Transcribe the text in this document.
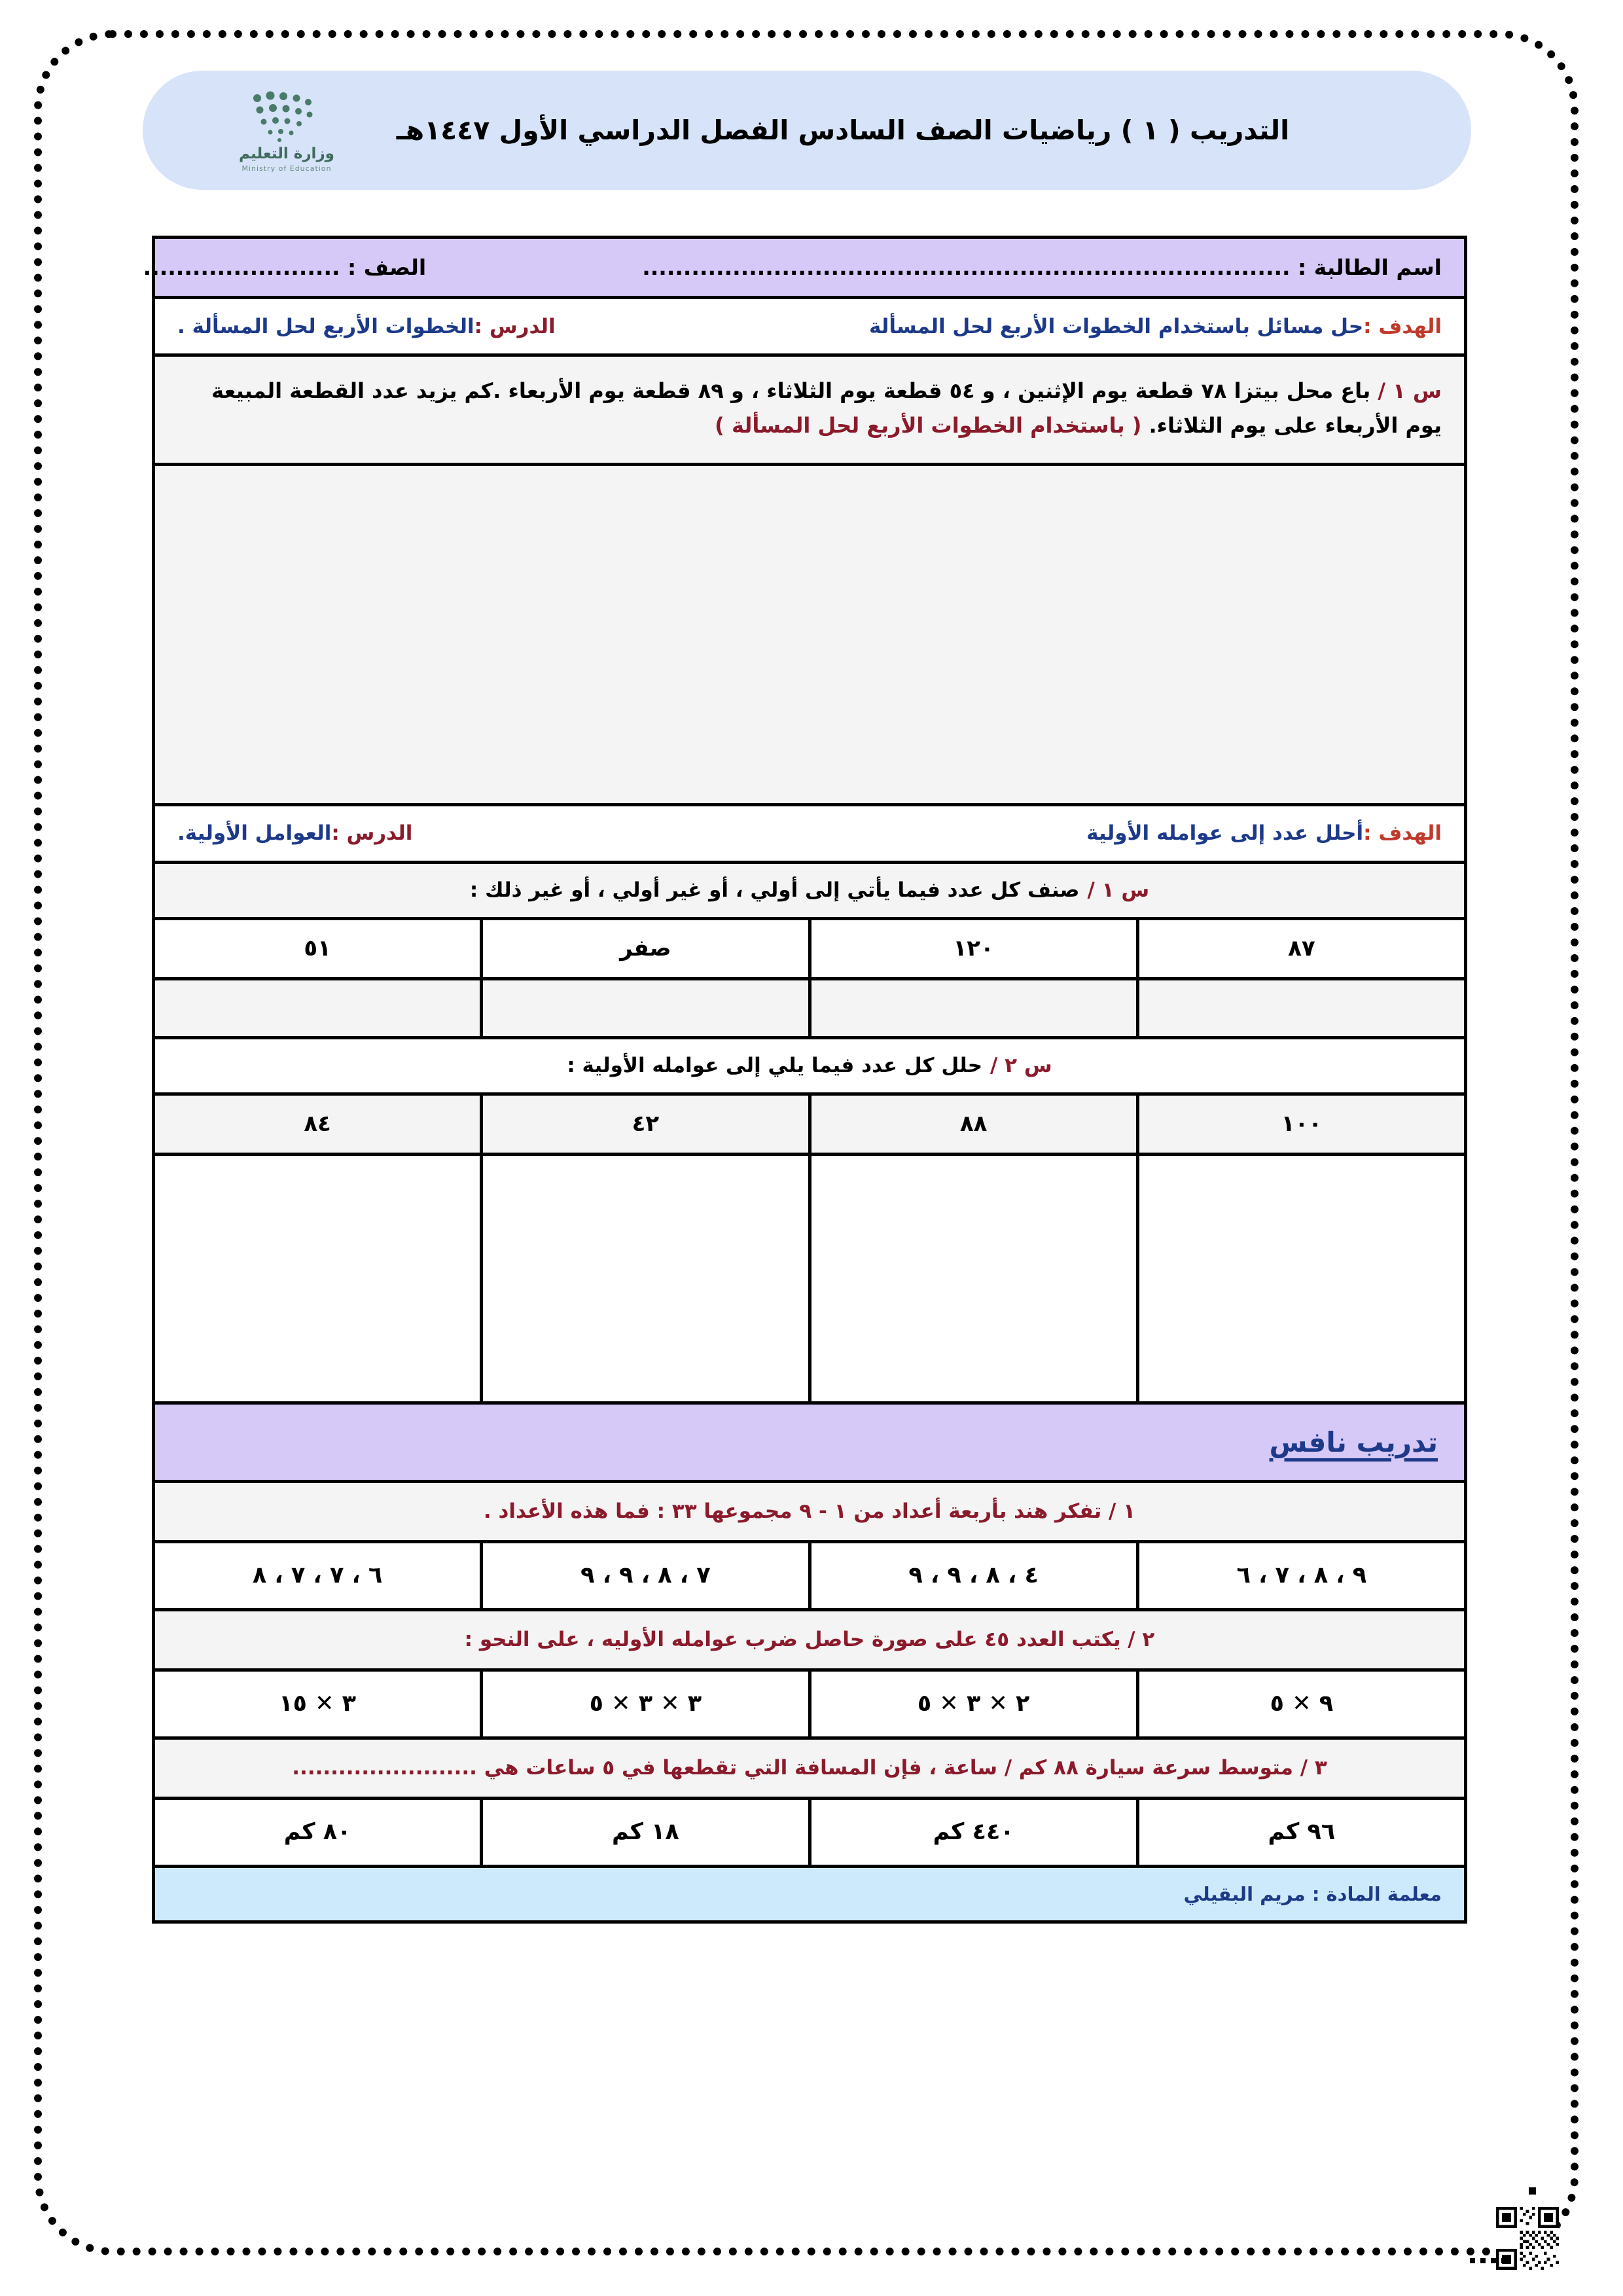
التدريب ( ١ ) رياضيات الصف السادس الفصل الدراسي الأول ١٤٤٧هـ
وزارة التعليم
Ministry of Education
اسم الطالبة : ...............................................................................
الصف : ........................
الهدف :
حل مسائل باستخدام الخطوات الأربع لحل المسألة
الدرس :
الخطوات الأربع لحل المسألة .
س ١ / باع محل بيتزا ٧٨ قطعة يوم الإثنين ، و ٥٤ قطعة يوم الثلاثاء ، و ٨٩ قطعة يوم الأربعاء .كم يزيد عدد القطعة المبيعة يوم الأربعاء على يوم الثلاثاء. ( باستخدام الخطوات الأربع لحل المسألة )
الهدف :
أحلل عدد إلى عوامله الأولية
الدرس :
العوامل الأولية.
س ١ /
صنف كل عدد فيما يأتي إلى أولي ، أو غير أولي ، أو غير ذلك :
٨٧
١٢٠
صفر
٥١
س ٢ /
حلل كل عدد فيما يلي إلى عوامله الأولية :
١٠٠
٨٨
٤٢
٨٤
تدريب نافس
١ /

تفكر هند بأربعة أعداد من ١ - ٩ مجموعها ٣٣ : فما هذه الأعداد .
٩ ، ٨ ، ٧ ، ٦
٤ ، ٨ ، ٩ ، ٩
٧ ، ٨ ، ٩ ، ٩
٦ ، ٧ ، ٧ ، ٨
٢ /

يكتب العدد ٤٥ على صورة حاصل ضرب عوامله الأوليه ، على النحو :
٩ ✕ ٥
٢ ✕ ٣ ✕ ٥
٣ ✕ ٣ ✕ ٥
٣ ✕ ١٥
٣ /

متوسط سرعة سيارة ٨٨ كم / ساعة ، فإن المسافة التي تقطعها في ٥ ساعات هي ........................
٩٦ كم
٤٤٠ كم
١٨ كم
٨٠ كم
معلمة المادة : مريم البقيلي
